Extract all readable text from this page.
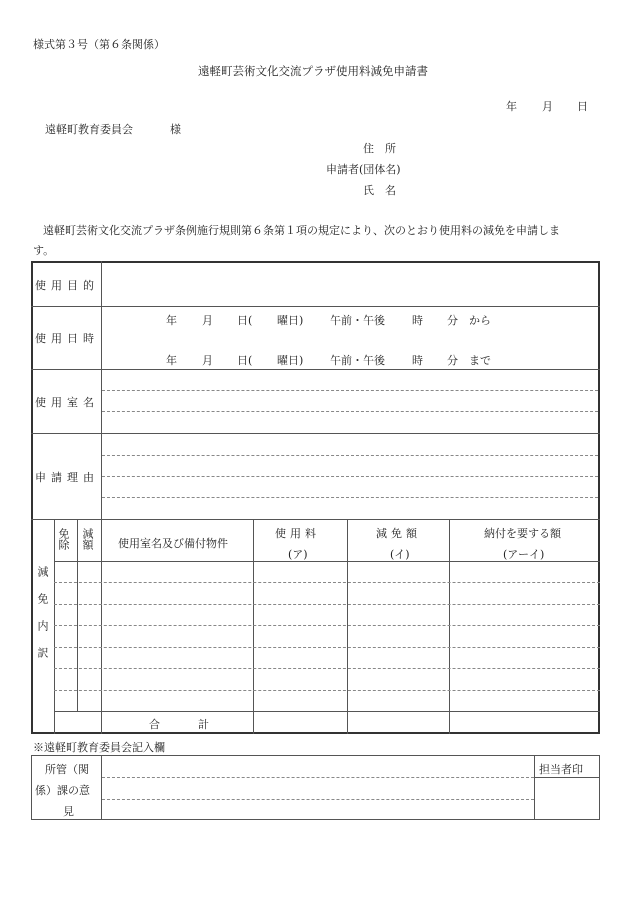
様式第３号（第６条関係）
遠軽町芸術文化交流プラザ使用料減免申請書
年 月 日
遠軽町教育委員会	様
住　所
申請者(団体名)
氏　名
遠軽町芸術文化交流プラザ条例施行規則第６条第１項の規定により、次のとおり使用料の減免を申請しま
す。
使用目的
使用日時
使用室名
申請理由
年 月 日( 曜日) 午前・午後 時 分 から
年 月 日( 曜日) 午前・午後 時 分 まで
減免内訳
免除 減額 使用室名及び備付物件
使用料
(ア)
減免額
(イ)
納付を要する額
(アーイ)
合	計
※遠軽町教育委員会記入欄
所管（関
係）課の意
見
担当者印
